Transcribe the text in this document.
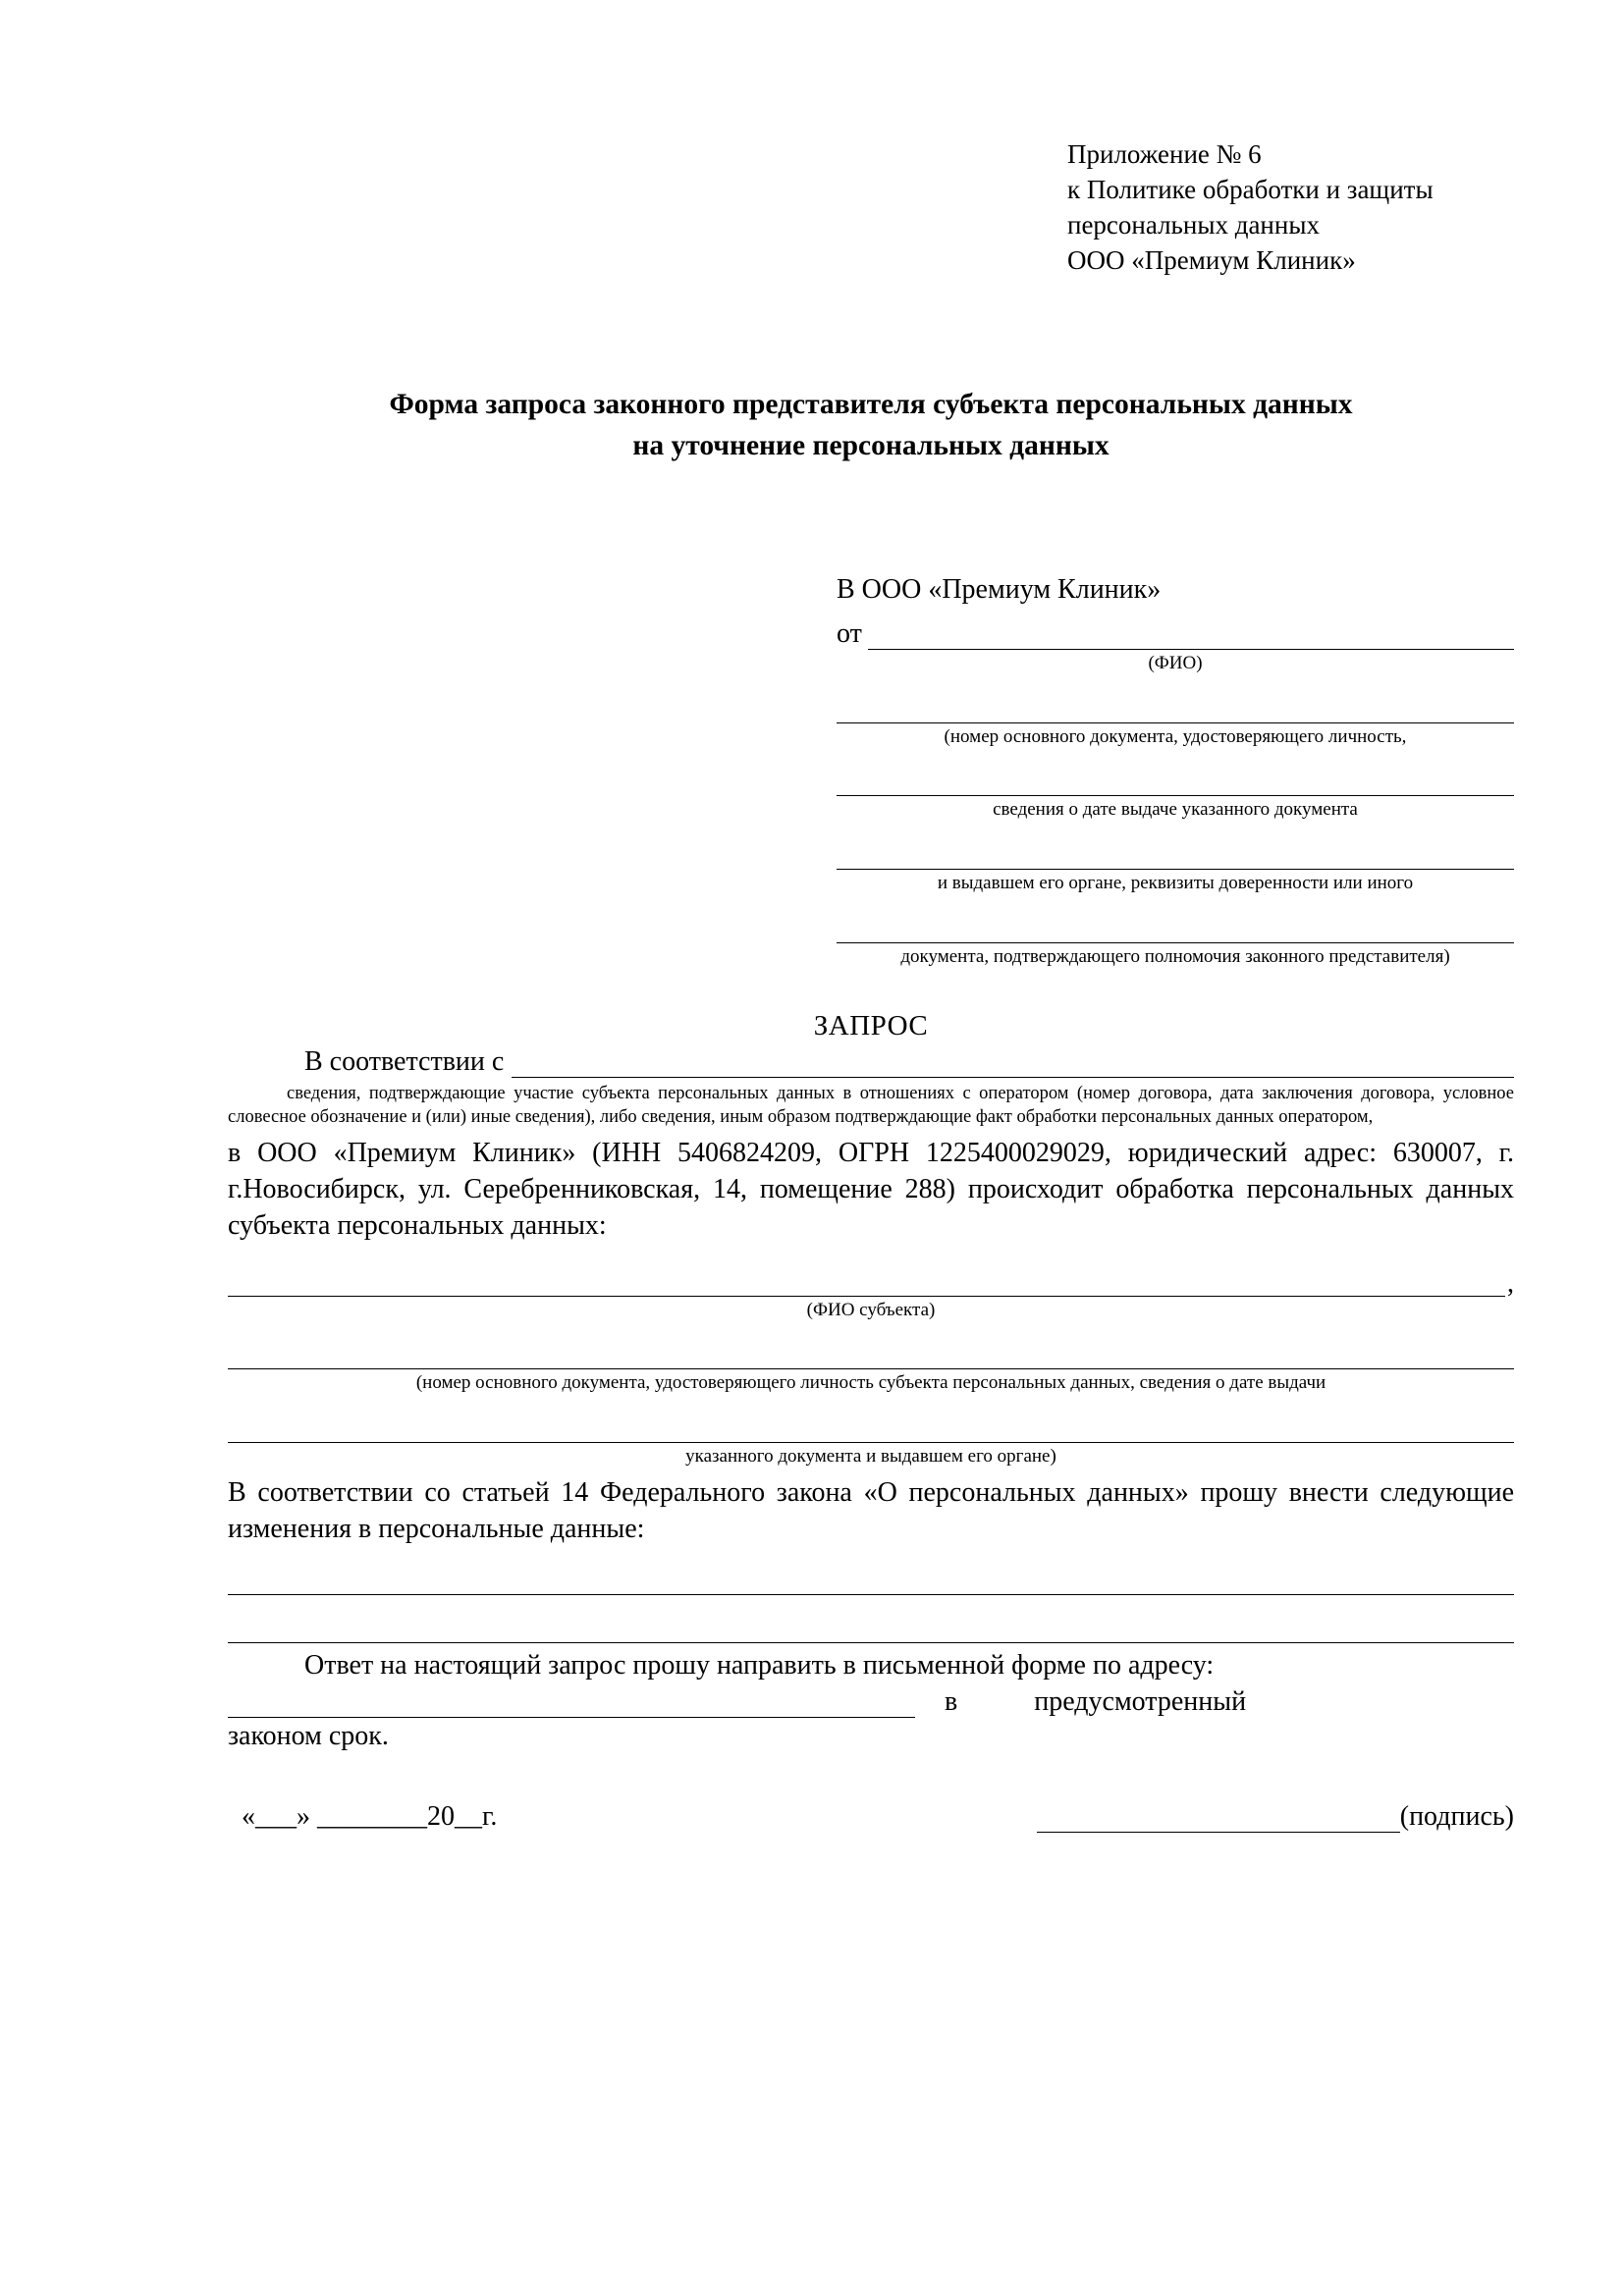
Приложение № 6
к Политике обработки и защиты
персональных данных
ООО «Премиум Клиник»
Форма запроса законного представителя субъекта персональных данных
на уточнение персональных данных
В ООО «Премиум Клиник»
от
(ФИО)
(номер основного документа, удостоверяющего личность,
сведения о дате выдаче указанного документа
и выдавшем его органе, реквизиты доверенности или иного
документа, подтверждающего полномочия законного представителя)
ЗАПРОС
В соответствии с
сведения, подтверждающие участие субъекта персональных данных в отношениях с оператором (номер договора, дата заключения договора, условное словесное обозначение и (или) иные сведения), либо сведения, иным образом подтверждающие факт обработки персональных данных оператором,
в ООО «Премиум Клиник» (ИНН 5406824209, ОГРН 1225400029029, юридический адрес: 630007, г. г.Новосибирск, ул. Серебренниковская, 14, помещение 288) происходит обработка персональных данных субъекта персональных данных:
,
(ФИО субъекта)
(номер основного документа, удостоверяющего личность субъекта персональных данных, сведения о дате выдачи
указанного документа и выдавшем его органе)
В соответствии со статьей 14 Федерального закона «О персональных данных» прошу внести следующие изменения в персональные данные:
Ответ на настоящий запрос прошу направить в письменной форме по адресу:
в	предусмотренный
законом срок.
«___» ________20__г.	(подпись)
